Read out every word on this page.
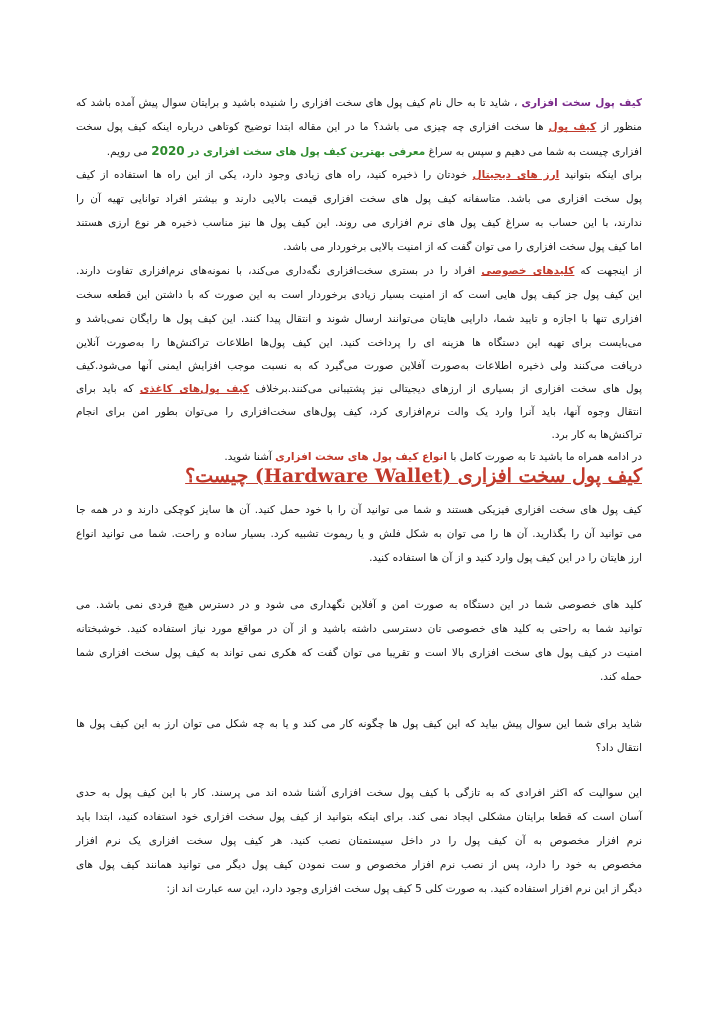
کیف پول سخت افزاری ، شاید تا به حال نام کیف پول های سخت افزاری را شنیده باشید و برایتان سوال پیش آمده باشد که
منظور از کیف پول ها سخت افزاری چه چیزی می باشد؟ ما در این مقاله ابتدا توضیح کوتاهی درباره اینکه کیف پول سخت
افزاری چیست به شما می دهیم و سپس به سراغ معرفی بهترین کیف پول های سخت افزاری در 2020 می رویم.
برای اینکه بتوانید ارز های دیجیتال خودتان را ذخیره کنید، راه های زیادی وجود دارد، یکی از این راه ها استفاده از کیف
پول سخت افزاری می باشد. متاسفانه کیف پول های سخت افزاری قیمت بالایی دارند و بیشتر افراد توانایی تهیه آن را
ندارند، با این حساب به سراغ کیف پول های نرم افزاری می روند. این کیف پول ها نیز مناسب ذخیره هر نوع ارزی هستند
اما کیف پول سخت افزاری را می توان گفت که از امنیت بالایی برخوردار می باشد.
از اینجهت که کلیدهای خصوصی افراد را در بستری سخت‌افزاری نگه‌داری می‌کند، با نمونه‌های نرم‌افزاری تفاوت دارند.
این کیف پول جز کیف پول هایی است که از امنیت بسیار زیادی برخوردار است به این صورت که با داشتن این قطعه سخت
افزاری تنها با اجازه و تایید شما، دارایی هایتان می‌توانند ارسال شوند و انتقال پیدا کنند. این کیف پول ها رایگان نمی‌باشد و
می‌بایست برای تهیه این دستگاه ها هزینه ای را پرداخت کنید. این کیف پول‌ها اطلاعات تراکنش‌ها را به‌صورت آنلاین
دریافت می‌کنند ولی ذخیره اطلاعات به‌صورت آفلاین صورت می‌گیرد که به نسبت موجب افزایش ایمنی آنها می‌شود.کیف
پول های سخت افزاری از بسیاری از ارزهای دیجیتالی نیز پشتیبانی می‌کنند.برخلاف کیف پول‌های کاغذی که باید برای
انتقال وجوه آنها، باید آنرا وارد یک والت نرم‌افزاری کرد، کیف پول‌های سخت‌افزاری را می‌توان بطور امن برای انجام
تراکنش‌ها به کار برد.
در ادامه همراه ما باشید تا به صورت کامل با انواع کیف پول های سخت افزاری آشنا شوید.
کیف پول سخت افزاری (Hardware Wallet) چیست؟
کیف پول های سخت افزاری فیزیکی هستند و شما می توانید آن را با خود حمل کنید. آن ها سایز کوچکی دارند و در همه جا
می توانید آن را بگذارید. آن ها را می توان به شکل فلش و یا ریموت تشبیه کرد. بسیار ساده و راحت. شما می توانید انواع
ارز هایتان را در این کیف پول وارد کنید و از آن ها استفاده کنید.
کلید های خصوصی شما در این دستگاه به صورت امن و آفلاین نگهداری می شود و در دسترس هیچ فردی نمی باشد. می
توانید شما به راحتی به کلید های خصوصی تان دسترسی داشته باشید و از آن در مواقع مورد نیاز استفاده کنید. خوشبختانه
امنیت در کیف پول های سخت افزاری بالا است و تقریبا می توان گفت که هکری نمی تواند به کیف پول سخت افزاری شما
حمله کند.
شاید برای شما این سوال پیش بیاید که این کیف پول ها چگونه کار می کند و یا به چه شکل می توان ارز به این کیف پول ها
انتقال داد؟
این سوالیت که اکثر افرادی که به تازگی با کیف پول سخت افزاری آشنا شده اند می پرسند. کار با این کیف پول به حدی
آسان است که قطعا برایتان مشکلی ایجاد نمی کند. برای اینکه بتوانید از کیف پول سخت افزاری خود استفاده کنید، ابتدا باید
نرم افزار مخصوص به آن کیف پول را در داخل سیستمتان نصب کنید. هر کیف پول سخت افزاری یک نرم افزار
مخصوص به خود را دارد، پس از نصب نرم افزار مخصوص و ست نمودن کیف پول دیگر می توانید همانند کیف پول های
دیگر از این نرم افزار استفاده کنید. به صورت کلی 5 کیف پول سخت افزاری وجود دارد، این سه عبارت اند از:
